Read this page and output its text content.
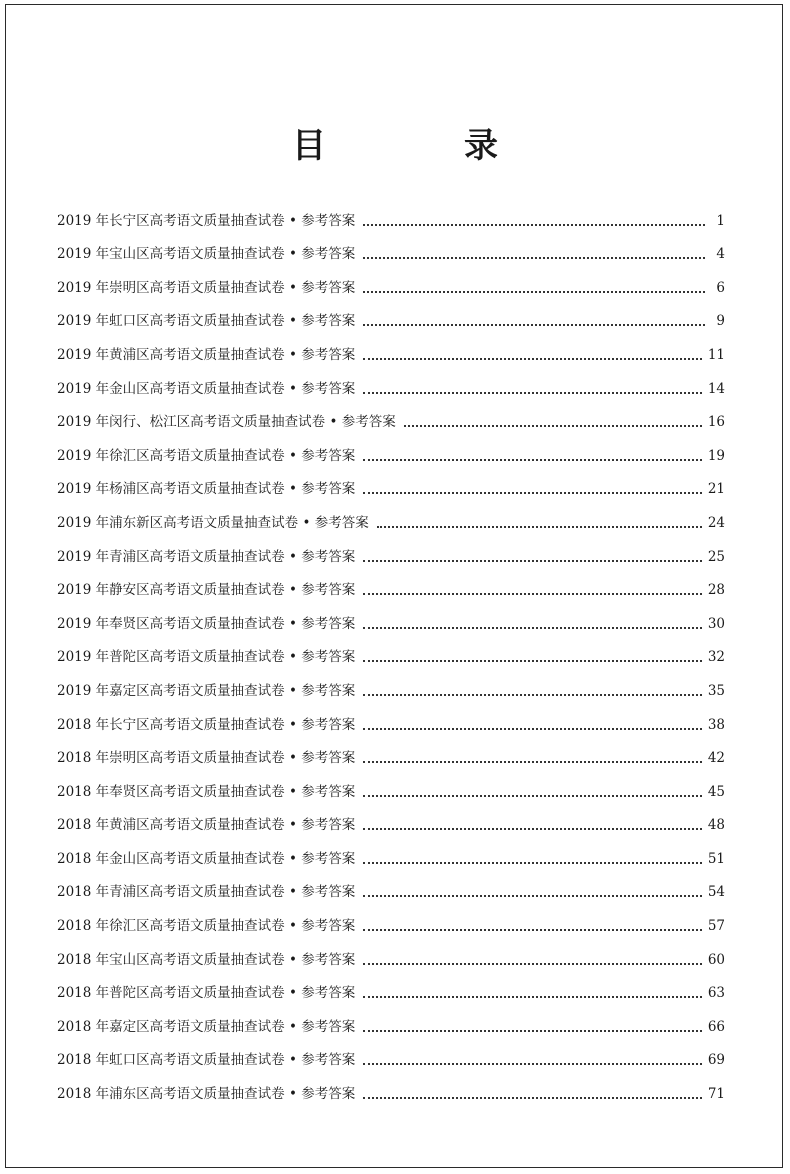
目　录
2019 年长宁区高考语文质量抽查试卷 • 参考答案	1
2019 年宝山区高考语文质量抽查试卷 • 参考答案	4
2019 年崇明区高考语文质量抽查试卷 • 参考答案	6
2019 年虹口区高考语文质量抽查试卷 • 参考答案	9
2019 年黄浦区高考语文质量抽查试卷 • 参考答案	11
2019 年金山区高考语文质量抽查试卷 • 参考答案	14
2019 年闵行、松江区高考语文质量抽查试卷 • 参考答案	16
2019 年徐汇区高考语文质量抽查试卷 • 参考答案	19
2019 年杨浦区高考语文质量抽查试卷 • 参考答案	21
2019 年浦东新区高考语文质量抽查试卷 • 参考答案	24
2019 年青浦区高考语文质量抽查试卷 • 参考答案	25
2019 年静安区高考语文质量抽查试卷 • 参考答案	28
2019 年奉贤区高考语文质量抽查试卷 • 参考答案	30
2019 年普陀区高考语文质量抽查试卷 • 参考答案	32
2019 年嘉定区高考语文质量抽查试卷 • 参考答案	35
2018 年长宁区高考语文质量抽查试卷 • 参考答案	38
2018 年崇明区高考语文质量抽查试卷 • 参考答案	42
2018 年奉贤区高考语文质量抽查试卷 • 参考答案	45
2018 年黄浦区高考语文质量抽查试卷 • 参考答案	48
2018 年金山区高考语文质量抽查试卷 • 参考答案	51
2018 年青浦区高考语文质量抽查试卷 • 参考答案	54
2018 年徐汇区高考语文质量抽查试卷 • 参考答案	57
2018 年宝山区高考语文质量抽查试卷 • 参考答案	60
2018 年普陀区高考语文质量抽查试卷 • 参考答案	63
2018 年嘉定区高考语文质量抽查试卷 • 参考答案	66
2018 年虹口区高考语文质量抽查试卷 • 参考答案	69
2018 年浦东区高考语文质量抽查试卷 • 参考答案	71
